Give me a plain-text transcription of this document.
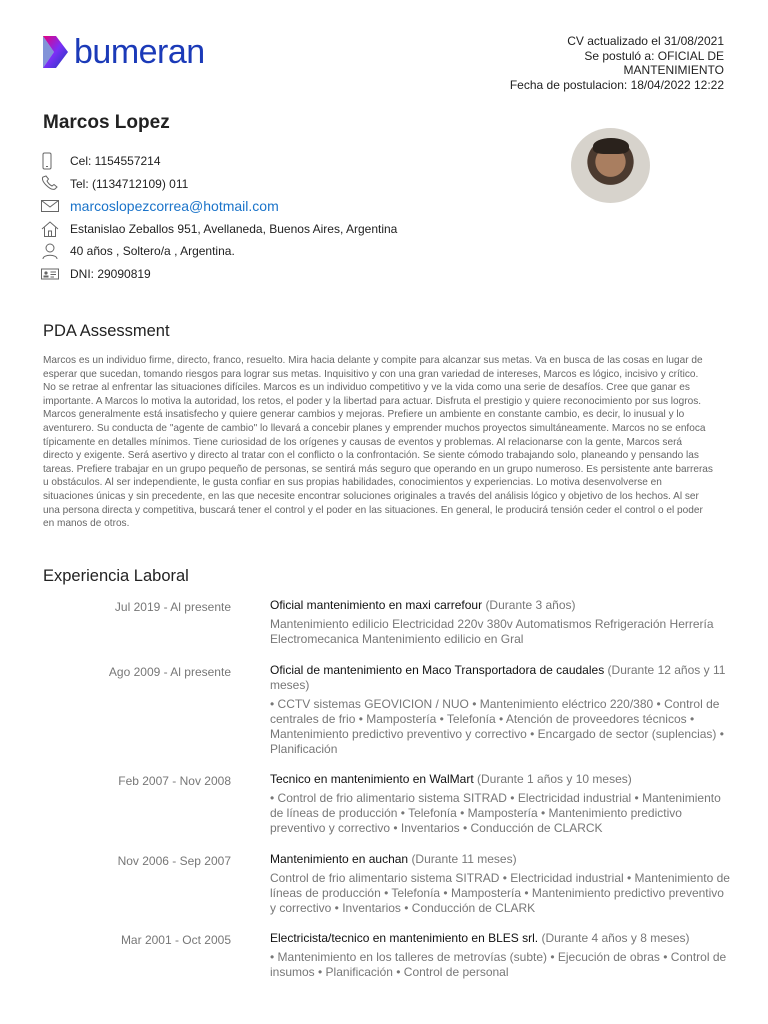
bumeran	CV actualizado el 31/08/2021
Se postuló a: OFICIAL DE
MANTENIMIENTO
Fecha de postulacion: 18/04/2022 12:22
Marcos Lopez
Cel: 1154557214
Tel: (1134712109) 011
marcoslopezcorrea@hotmail.com
Estanislao Zeballos 951, Avellaneda, Buenos Aires, Argentina
40 años , Soltero/a , Argentina.
DNI: 29090819
PDA Assessment
Marcos es un individuo firme, directo, franco, resuelto. Mira hacia delante y compite para alcanzar sus metas. Va en busca de las cosas en lugar de esperar que sucedan, tomando riesgos para lograr sus metas. Inquisitivo y con una gran variedad de intereses, Marcos es lógico, incisivo y crítico. No se retrae al enfrentar las situaciones difíciles. Marcos es un individuo competitivo y ve la vida como una serie de desafíos. Cree que ganar es importante. A Marcos lo motiva la autoridad, los retos, el poder y la libertad para actuar. Disfruta el prestigio y quiere reconocimiento por sus logros. Marcos generalmente está insatisfecho y quiere generar cambios y mejoras. Prefiere un ambiente en constante cambio, es decir, lo inusual y lo aventurero. Su conducta de "agente de cambio" lo llevará a concebir planes y emprender muchos proyectos simultáneamente. Marcos no se enfoca típicamente en detalles mínimos. Tiene curiosidad de los orígenes y causas de eventos y problemas. Al relacionarse con la gente, Marcos será directo y exigente. Será asertivo y directo al tratar con el conflicto o la confrontación. Se siente cómodo trabajando solo, planeando y pensando las tareas. Prefiere trabajar en un grupo pequeño de personas, se sentirá más seguro que operando en un grupo numeroso. Es persistente ante barreras u obstáculos. Al ser independiente, le gusta confiar en sus propias habilidades, conocimientos y experiencias. Lo motiva desenvolverse en situaciones únicas y sin precedente, en las que necesite encontrar soluciones originales a través del análisis lógico y objetivo de los hechos. Al ser una persona directa y competitiva, buscará tener el control y el poder en las situaciones. En general, le producirá tensión ceder el control o el poder en manos de otros.
Experiencia Laboral
Jul 2019 - Al presente	Oficial mantenimiento en maxi carrefour (Durante 3 años)
Mantenimiento edilicio Electricidad 220v 380v Automatismos Refrigeración Herrería Electromecanica Mantenimiento edilicio en Gral
Ago 2009 - Al presente	Oficial de mantenimiento en Maco Transportadora de caudales (Durante 12 años y 11 meses)
• CCTV sistemas GEOVICION / NUO • Mantenimiento eléctrico 220/380 • Control de centrales de frio • Mampostería • Telefonía • Atención de proveedores técnicos • Mantenimiento predictivo preventivo y correctivo • Encargado de sector (suplencias) • Planificación
Feb 2007 - Nov 2008	Tecnico en mantenimiento en WalMart (Durante 1 años y 10 meses)
• Control de frio alimentario sistema SITRAD • Electricidad industrial • Mantenimiento de líneas de producción • Telefonía • Mampostería • Mantenimiento predictivo preventivo y correctivo • Inventarios • Conducción de CLARCK
Nov 2006 - Sep 2007	Mantenimiento en auchan (Durante 11 meses)
Control de frio alimentario sistema SITRAD • Electricidad industrial • Mantenimiento de líneas de producción • Telefonía • Mampostería • Mantenimiento predictivo preventivo y correctivo • Inventarios • Conducción de CLARK
Mar 2001 - Oct 2005	Electricista/tecnico en mantenimiento en BLES srl. (Durante 4 años y 8 meses)
• Mantenimiento en los talleres de metrovías (subte) • Ejecución de obras • Control de insumos • Planificación • Control de personal
